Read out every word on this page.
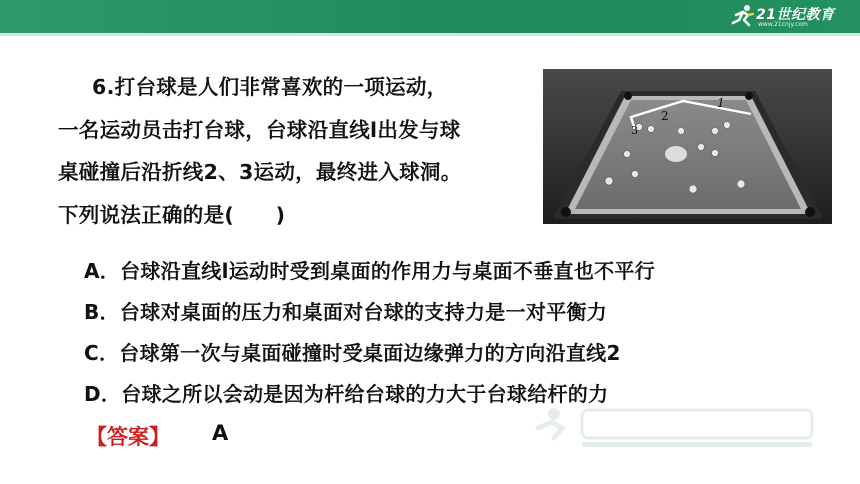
21世纪教育
www.21cnjy.com
6.打台球是人们非常喜欢的一项运动，
一名运动员击打台球，台球沿直线l出发与球
桌碰撞后沿折线2、3运动，最终进入球洞。
下列说法正确的是(　　)
1
2
3
A．台球沿直线l运动时受到桌面的作用力与桌面不垂直也不平行
B．台球对桌面的压力和桌面对台球的支持力是一对平衡力
C．台球第一次与桌面碰撞时受桌面边缘弹力的方向沿直线2
D．台球之所以会动是因为杆给台球的力大于台球给杆的力
【答案】 A
